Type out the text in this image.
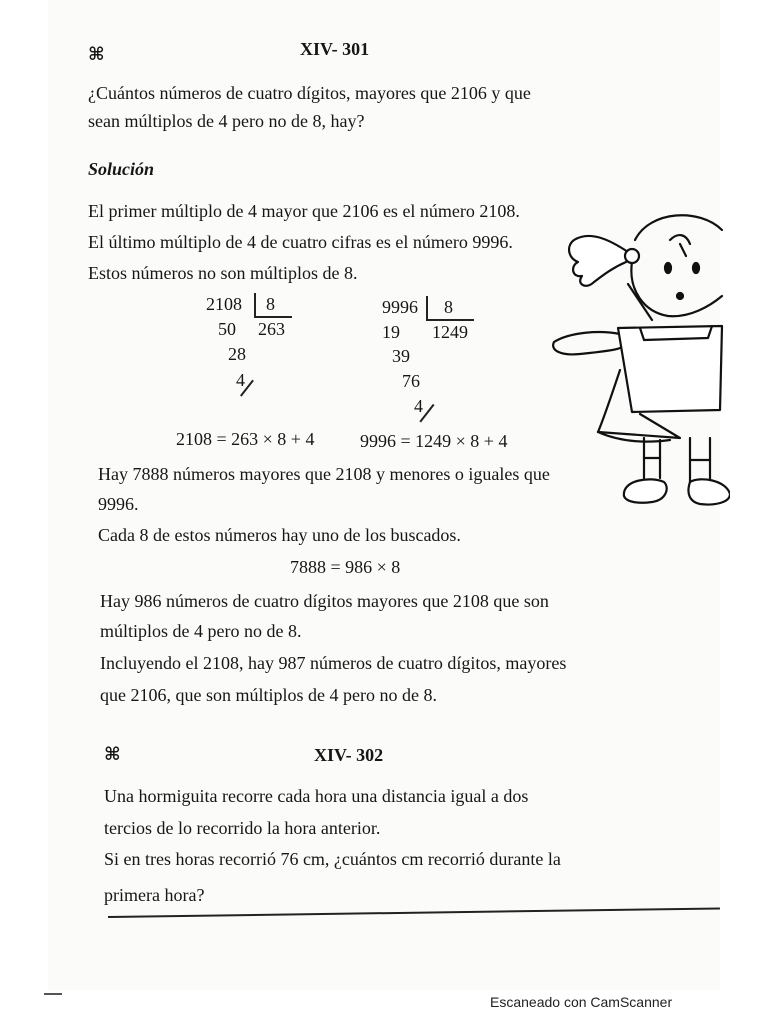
⌘	XIV- 301
¿Cuántos números de cuatro dígitos, mayores que 2106 y que
sean múltiplos de 4 pero no de 8, hay?
Solución
El primer múltiplo de 4 mayor que 2106 es el número 2108.
El último múltiplo de 4 de cuatro cifras es el número 9996.
Estos números no son múltiplos de 8.
2108 8
50 263
28
4
9996 8
19 1249
39
76
4
2108 = 263 × 8 + 4	9996 = 1249 × 8 + 4
Hay 7888 números mayores que 2108 y menores o iguales que
9996.
Cada 8 de estos números hay uno de los buscados.
7888 = 986 × 8
Hay 986 números de cuatro dígitos mayores que 2108 que son
múltiplos de 4 pero no de 8.
Incluyendo el 2108, hay 987 números de cuatro dígitos, mayores
que 2106, que son múltiplos de 4 pero no de 8.
⌘	XIV- 302
Una hormiguita recorre cada hora una distancia igual a dos
tercios de lo recorrido la hora anterior.
Si en tres horas recorrió 76 cm, ¿cuántos cm recorrió durante la
primera hora?
Escaneado con CamScanner
